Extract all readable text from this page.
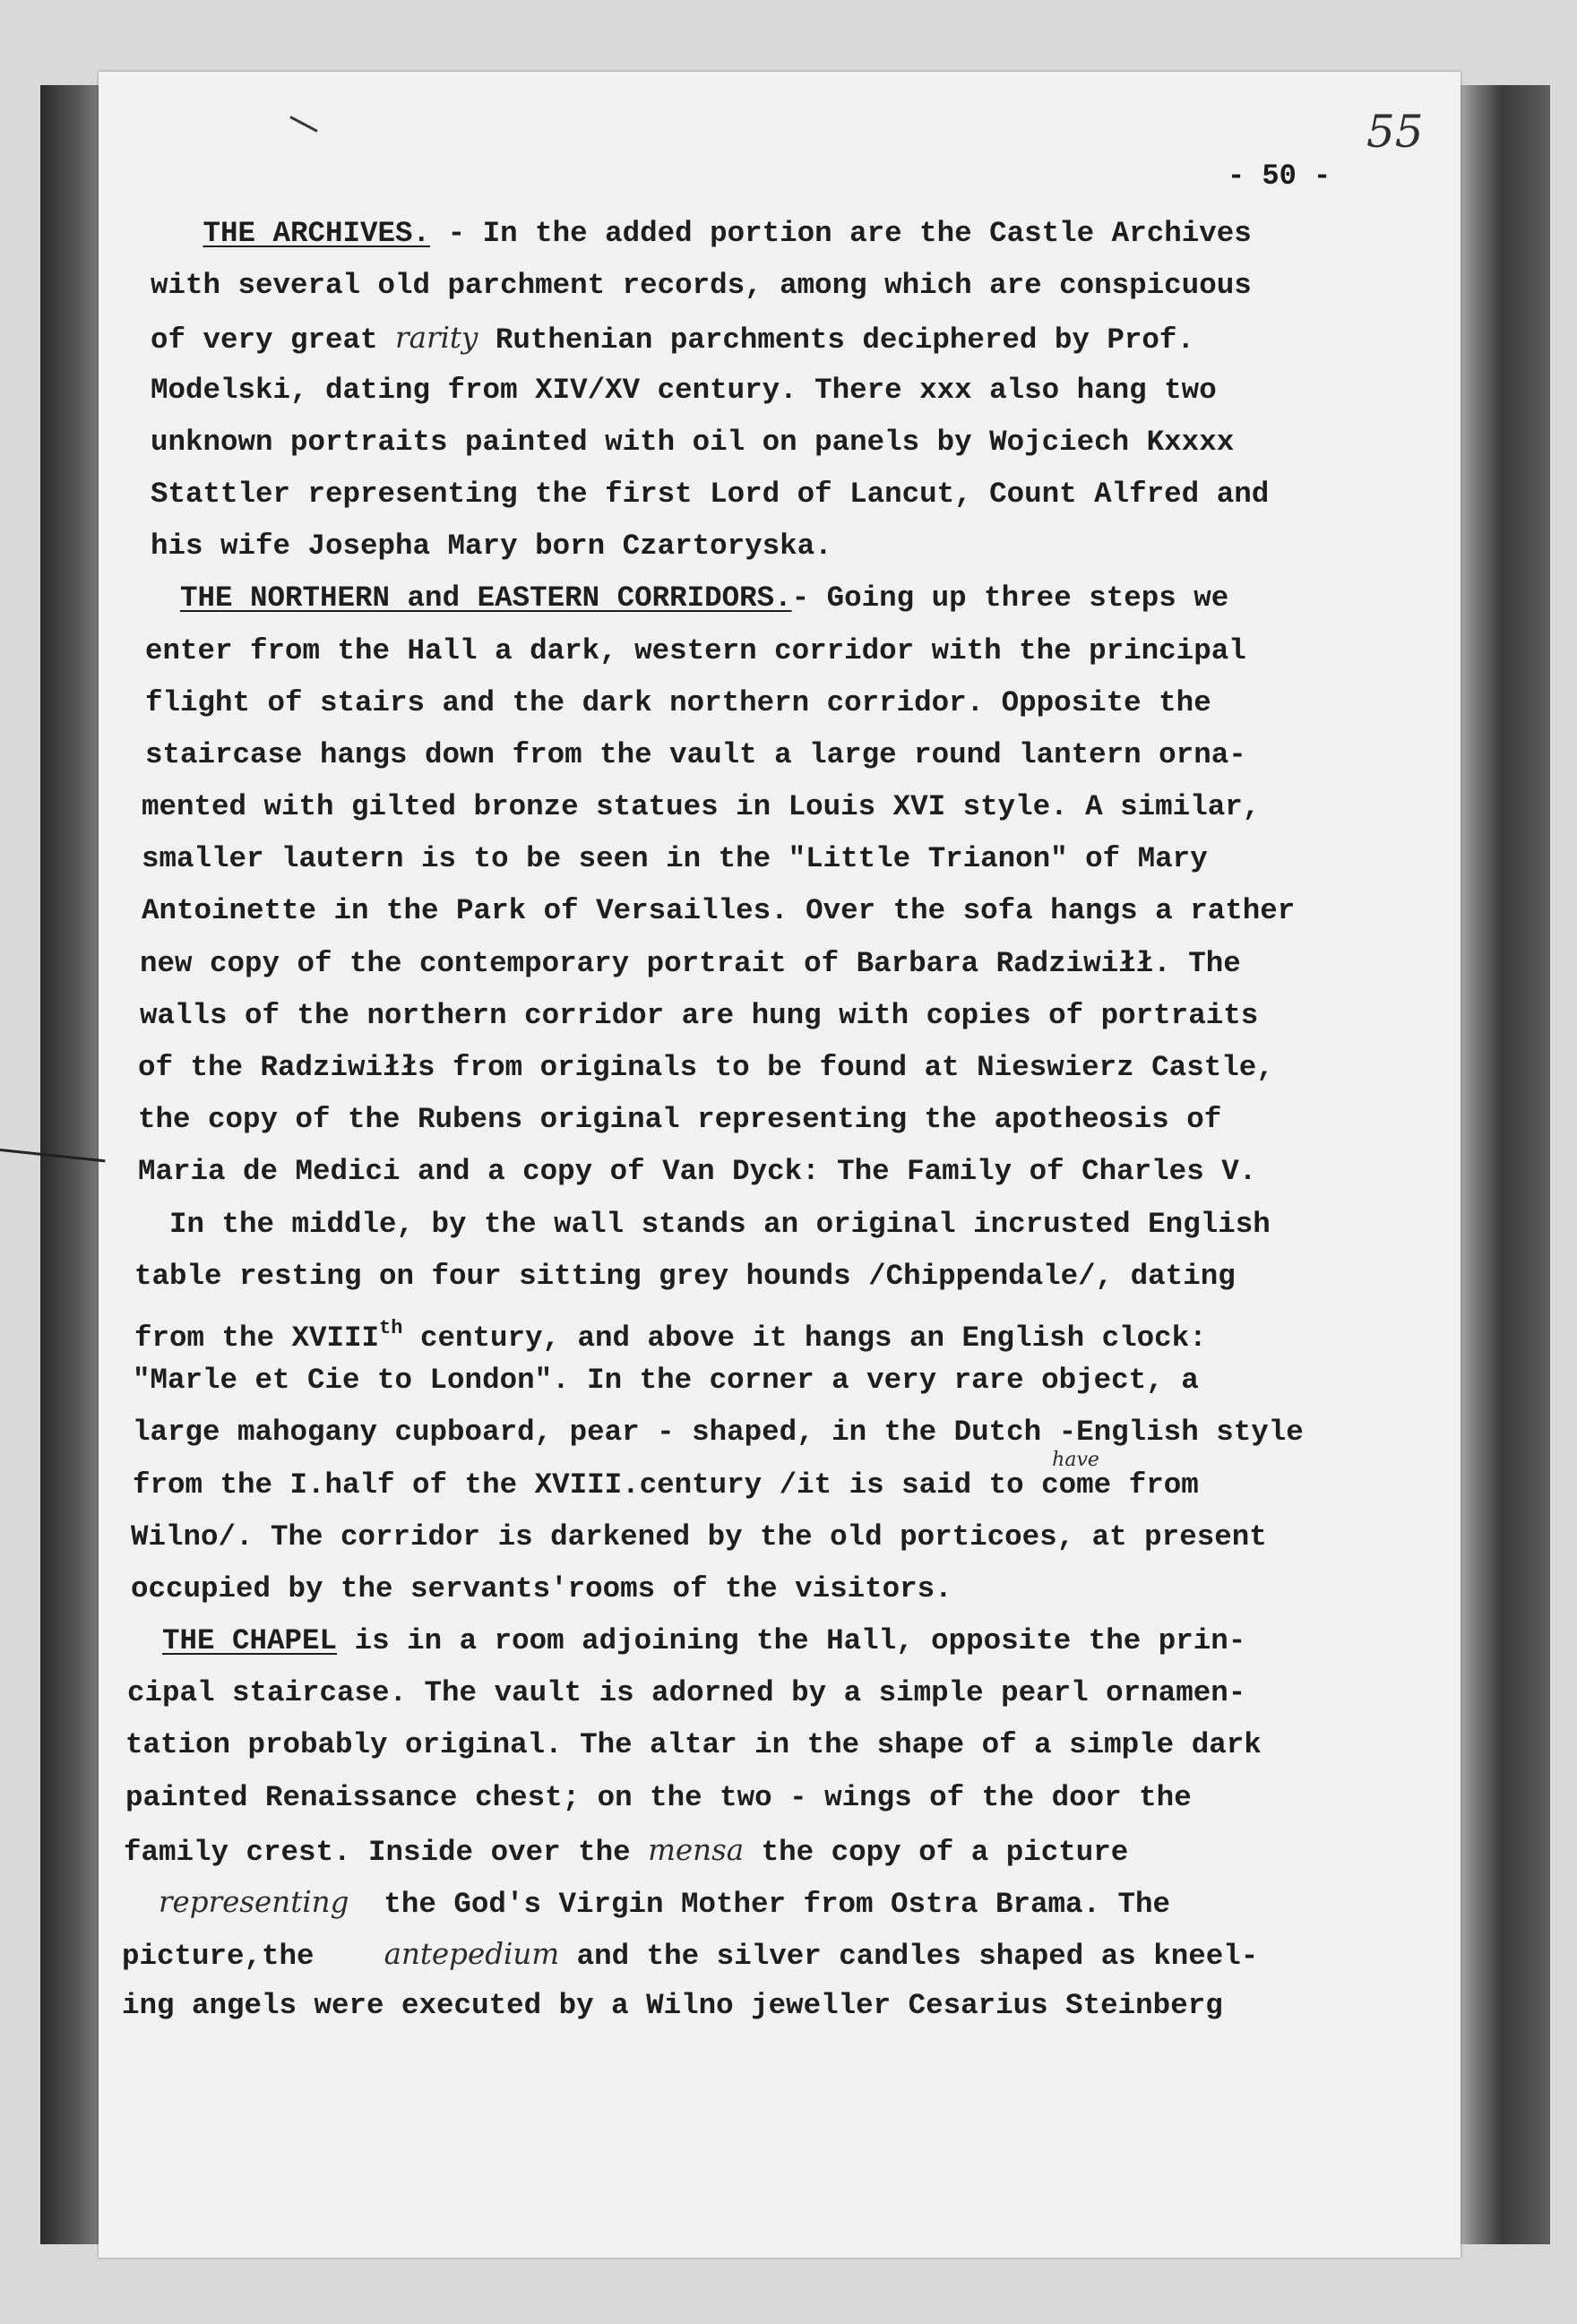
55
- 50 -
THE ARCHIVES. - In the added portion are the Castle Archives
with several old parchment records, among which are conspicuous
of very great rarity Ruthenian parchments deciphered by Prof.
Modelski, dating from XIV/XV century. There xxx also hang two
unknown portraits painted with oil on panels by Wojciech Kxxxx
Stattler representing the first Lord of Lancut, Count Alfred and
his wife Josepha Mary born Czartoryska.
THE NORTHERN and EASTERN CORRIDORS.- Going up three steps we
enter from the Hall a dark, western corridor with the principal
flight of stairs and the dark northern corridor. Opposite the
staircase hangs down from the vault a large round lantern orna-
mented with gilted bronze statues in Louis XVI style. A similar,
smaller lautern is to be seen in the "Little Trianon" of Mary
Antoinette in the Park of Versailles. Over the sofa hangs a rather
new copy of the contemporary portrait of Barbara Radziwiłł. The
walls of the northern corridor are hung with copies of portraits
of the Radziwiłłs from originals to be found at Nieswierz Castle,
the copy of the Rubens original representing the apotheosis of
Maria de Medici and a copy of Van Dyck: The Family of Charles V.
In the middle, by the wall stands an original incrusted English
table resting on four sitting grey hounds /Chippendale/, dating
from the XVIIIth century, and above it hangs an English clock:
"Marle et Cie to London". In the corner a very rare object, a
large mahogany cupboard, pear - shaped, in the Dutch -English style
from the I.half of the XVIII.century /it is said to come
have
from
Wilno/. The corridor is darkened by the old porticoes, at present
occupied by the servants'rooms of the visitors.
THE CHAPEL is in a room adjoining the Hall, opposite the prin-
cipal staircase. The vault is adorned by a simple pearl ornamen-
tation probably original. The altar in the shape of a simple dark
painted Renaissance chest; on the two - wings of the door the
family crest. Inside over the mensa the copy of a picture
representing  the God's Virgin Mother from Ostra Brama. The
picture,the    antepedium and the silver candles shaped as kneel-
ing angels were executed by a Wilno jeweller Cesarius Steinberg
